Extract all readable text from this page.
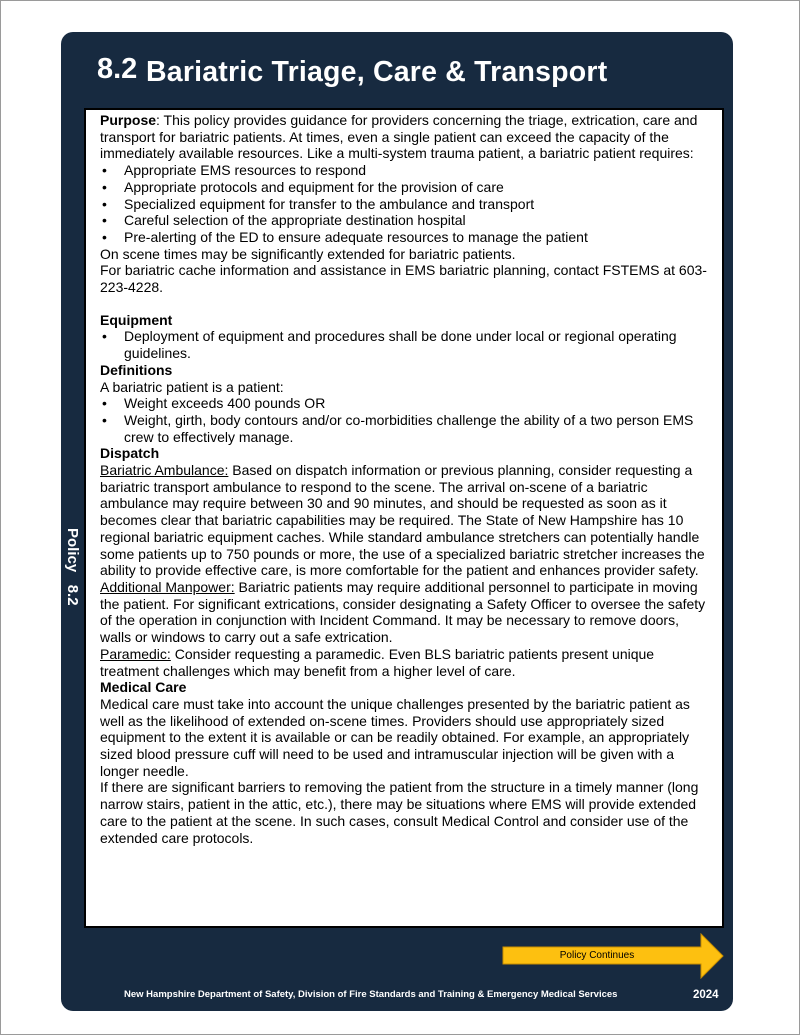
8.2 Bariatric Triage, Care & Transport
Policy   8.2

Purpose: This policy provides guidance for providers concerning the triage, extrication, care and transport for bariatric patients. At times, even a single patient can exceed the capacity of the immediately available resources. Like a multi-system trauma patient, a bariatric patient requires:

• Appropriate EMS resources to respond
• Appropriate protocols and equipment for the provision of care
• Specialized equipment for transfer to the ambulance and transport
• Careful selection of the appropriate destination hospital
• Pre-alerting of the ED to ensure adequate resources to manage the patient

On scene times may be significantly extended for bariatric patients.

For bariatric cache information and assistance in EMS bariatric planning, contact FSTEMS at 603-223-4228.

Equipment

• Deployment of equipment and procedures shall be done under local or regional operating guidelines.

Definitions

A bariatric patient is a patient:

• Weight exceeds 400 pounds OR
• Weight, girth, body contours and/or co-morbidities challenge the ability of a two person EMS crew to effectively manage.

Dispatch

Bariatric Ambulance: Based on dispatch information or previous planning, consider requesting a bariatric transport ambulance to respond to the scene. The arrival on-scene of a bariatric ambulance may require between 30 and 90 minutes, and should be requested as soon as it becomes clear that bariatric capabilities may be required. The State of New Hampshire has 10 regional bariatric equipment caches. While standard ambulance stretchers can potentially handle some patients up to 750 pounds or more, the use of a specialized bariatric stretcher increases the ability to provide effective care, is more comfortable for the patient and enhances provider safety.

Additional Manpower: Bariatric patients may require additional personnel to participate in moving the patient. For significant extrications, consider designating a Safety Officer to oversee the safety of the operation in conjunction with Incident Command. It may be necessary to remove doors, walls or windows to carry out a safe extrication.

Paramedic: Consider requesting a paramedic. Even BLS bariatric patients present unique treatment challenges which may benefit from a higher level of care.

Medical Care

Medical care must take into account the unique challenges presented by the bariatric patient as well as the likelihood of extended on-scene times. Providers should use appropriately sized equipment to the extent it is available or can be readily obtained. For example, an appropriately sized blood pressure cuff will need to be used and intramuscular injection will be given with a longer needle.

If there are significant barriers to removing the patient from the structure in a timely manner (long narrow stairs, patient in the attic, etc.), there may be situations where EMS will provide extended care to the patient at the scene. In such cases, consult Medical Control and consider use of the extended care protocols.

Policy Continues
New Hampshire Department of Safety, Division of Fire Standards and Training & Emergency Medical Services	2024
